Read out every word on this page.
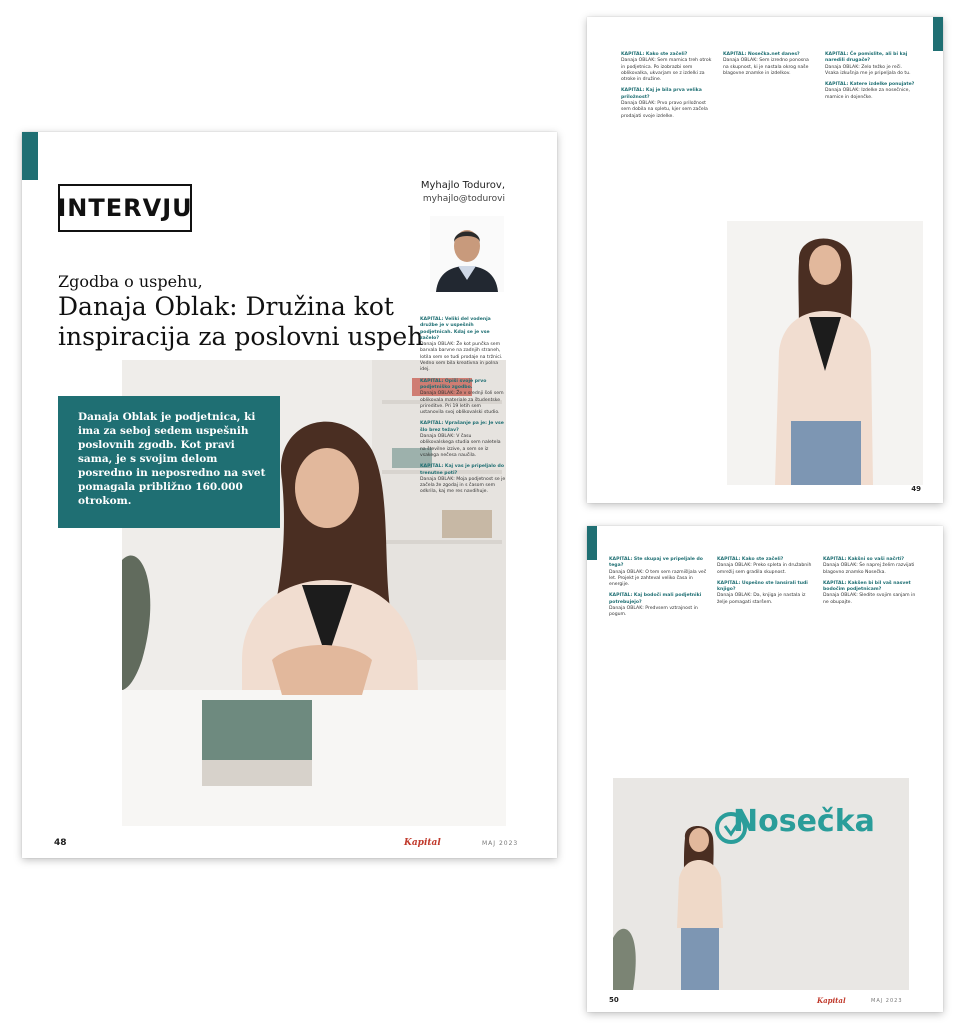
INTERVJU
Myhajlo Todurov,
myhajlo@todurovi
Zgodba o uspehu,
Danaja Oblak: Družina kot inspiracija za poslovni uspeh
Danaja Oblak je podjetnica, ki ima za seboj sedem uspešnih poslovnih zgodb. Kot pravi sama, je s svojim delom posredno in neposredno na svet pomagala približno 160.000 otrokom.
KAPITAL: Veliki del vodenja družbe je v uspešnih podjetnicah. Kdaj se je vse začelo?
Danaja OBLAK: Že kot punčka sem barvala barvne na zadnjih straneh, lotila sem se tudi prodaje na tržnici. Vedno sem bila kreativna in polna idej.
KAPITAL: Opiši svoje prvo podjetniško zgodbo.
Danaja OBLAK: Že v srednji šoli sem oblikovala materiale za študentske prireditve. Pri 19 letih sem ustanovila svoj oblikovalski studio.
KAPITAL: Vprašanje pa je: Je vse šlo brez težav?
Danaja OBLAK: V času oblikovalskega studia sem naletela na številne izzive, a sem se iz vsakega nečesa naučila.
KAPITAL: Kaj vas je pripeljalo do trenutne poti?
Danaja OBLAK: Moja podjetnost se je začela že zgodaj in s časom sem odkrila, kaj me res navdihuje.
48	Kapital	MAJ 2023
KAPITAL: Kako ste začeli?
Danaja OBLAK: Sem mamica treh otrok in podjetnica. Po izobrazbi sem oblikovalka, ukvarjam se z izdelki za otroke in družine.
KAPITAL: Kaj je bila prva velika priložnost?
Danaja OBLAK: Prvo pravo priložnost sem dobila na spletu, kjer sem začela prodajati svoje izdelke.
KAPITAL: Nosečka.net danes?
Danaja OBLAK: Sem izredno ponosna na skupnost, ki je nastala okrog naše blagovne znamke in izdelkov.
KAPITAL: Če pomislite, ali bi kaj naredili drugače?
Danaja OBLAK: Zelo težko je reči. Vsaka izkušnja me je pripeljala do tu.
KAPITAL: Katere izdelke ponujate?
Danaja OBLAK: Izdelke za nosečnice, mamice in dojenčke.
49
KAPITAL: Ste skupaj ve pripeljale do tega?
Danaja OBLAK: O tem sem razmišljala več let. Projekt je zahteval veliko časa in energije.
KAPITAL: Kaj bodoči mali podjetniki potrebujejo?
Danaja OBLAK: Predvsem vztrajnost in pogum.
KAPITAL: Kako ste začeli?
Danaja OBLAK: Preko spleta in družabnih omrežij sem gradila skupnost.
KAPITAL: Uspešno ste lansirali tudi knjigo?
Danaja OBLAK: Da, knjiga je nastala iz želje pomagati staršem.
KAPITAL: Kakšni so vaši načrti?
Danaja OBLAK: Še naprej želim razvijati blagovno znamko Nosečka.
KAPITAL: Kakšen bi bil vaš nasvet bodočim podjetnicam?
Danaja OBLAK: Sledite svojim sanjam in ne obupajte.
Nosečka
50	Kapital	MAJ 2023
